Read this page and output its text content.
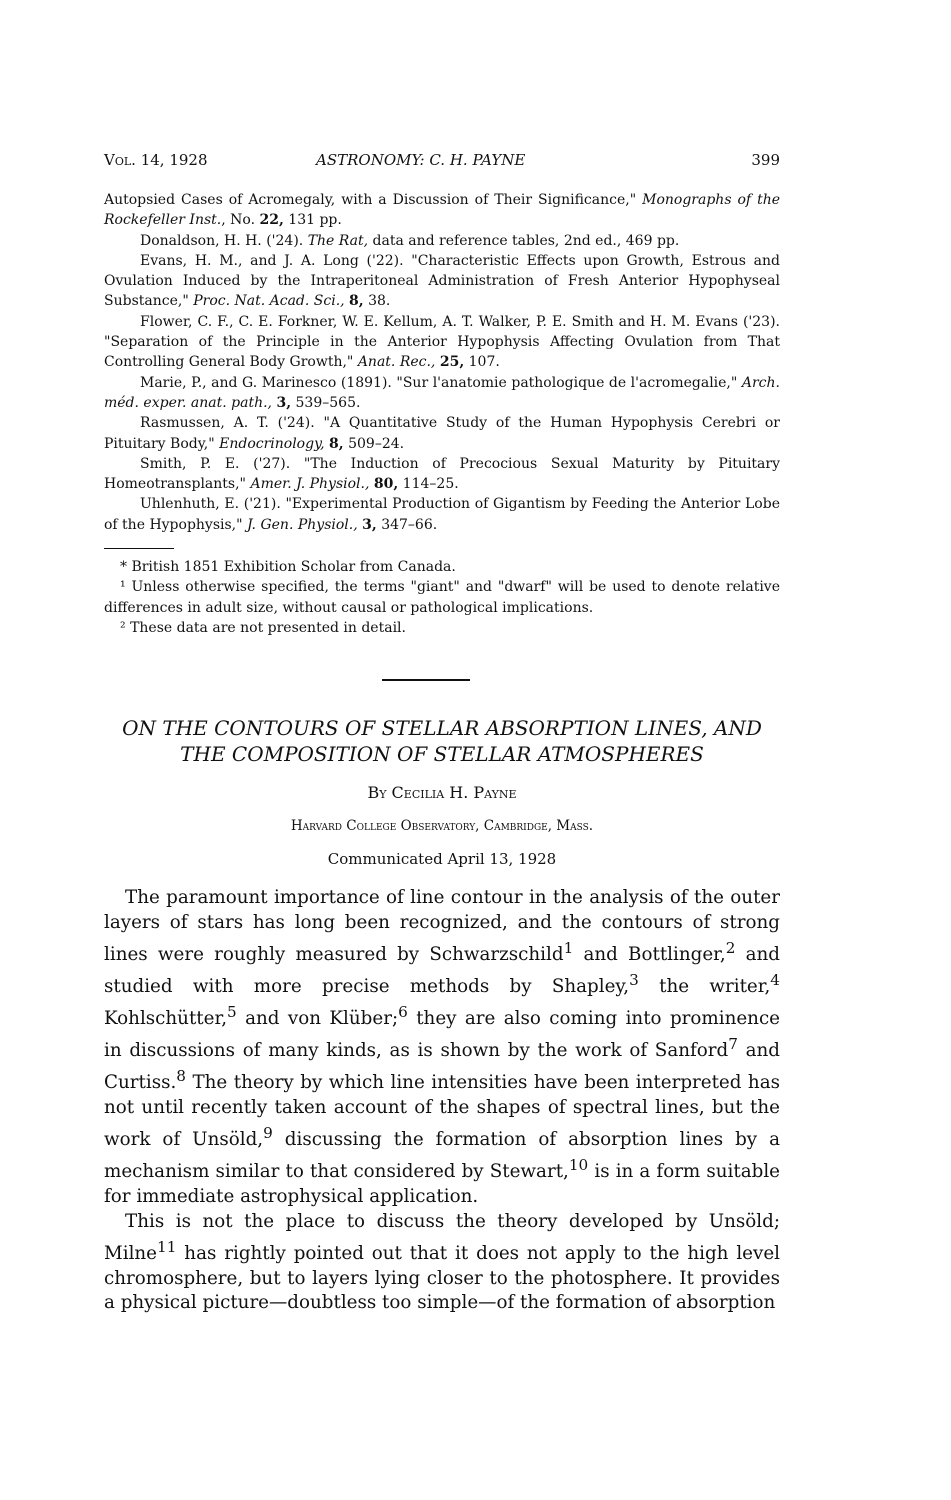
Vol. 14, 1928	ASTRONOMY: C. H. PAYNE	399

Autopsied Cases of Acromegaly, with a Discussion of Their Significance," Monographs of the Rockefeller Inst., No. 22, 131 pp.

Donaldson, H. H. ('24). The Rat, data and reference tables, 2nd ed., 469 pp.

Evans, H. M., and J. A. Long ('22). "Characteristic Effects upon Growth, Estrous and Ovulation Induced by the Intraperitoneal Administration of Fresh Anterior Hypophyseal Substance," Proc. Nat. Acad. Sci., 8, 38.

Flower, C. F., C. E. Forkner, W. E. Kellum, A. T. Walker, P. E. Smith and H. M. Evans ('23). "Separation of the Principle in the Anterior Hypophysis Affecting Ovulation from That Controlling General Body Growth," Anat. Rec., 25, 107.

Marie, P., and G. Marinesco (1891). "Sur l'anatomie pathologique de l'acromegalie," Arch. méd. exper. anat. path., 3, 539–565.

Rasmussen, A. T. ('24). "A Quantitative Study of the Human Hypophysis Cerebri or Pituitary Body," Endocrinology, 8, 509–24.

Smith, P. E. ('27). "The Induction of Precocious Sexual Maturity by Pituitary Homeotransplants," Amer. J. Physiol., 80, 114–25.

Uhlenhuth, E. ('21). "Experimental Production of Gigantism by Feeding the Anterior Lobe of the Hypophysis," J. Gen. Physiol., 3, 347–66.

* British 1851 Exhibition Scholar from Canada.

¹ Unless otherwise specified, the terms "giant" and "dwarf" will be used to denote relative differences in adult size, without causal or pathological implications.

² These data are not presented in detail.

ON THE CONTOURS OF STELLAR ABSORPTION LINES, AND THE COMPOSITION OF STELLAR ATMOSPHERES
By Cecilia H. Payne
Harvard College Observatory, Cambridge, Mass.
Communicated April 13, 1928

The paramount importance of line contour in the analysis of the outer layers of stars has long been recognized, and the contours of strong lines were roughly measured by Schwarzschild$^1$ and Bottlinger,$^2$ and studied with more precise methods by Shapley,$^3$ the writer,$^4$ Kohlschütter,$^5$ and von Klüber;$^6$ they are also coming into prominence in discussions of many kinds, as is shown by the work of Sanford$^7$ and Curtiss.$^8$ The theory by which line intensities have been interpreted has not until recently taken account of the shapes of spectral lines, but the work of Unsöld,$^9$ discussing the formation of absorption lines by a mechanism similar to that considered by Stewart,$^{10}$ is in a form suitable for immediate astrophysical application.

This is not the place to discuss the theory developed by Unsöld; Milne$^{11}$ has rightly pointed out that it does not apply to the high level chromosphere, but to layers lying closer to the photosphere. It provides a physical picture—doubtless too simple—of the formation of absorption
